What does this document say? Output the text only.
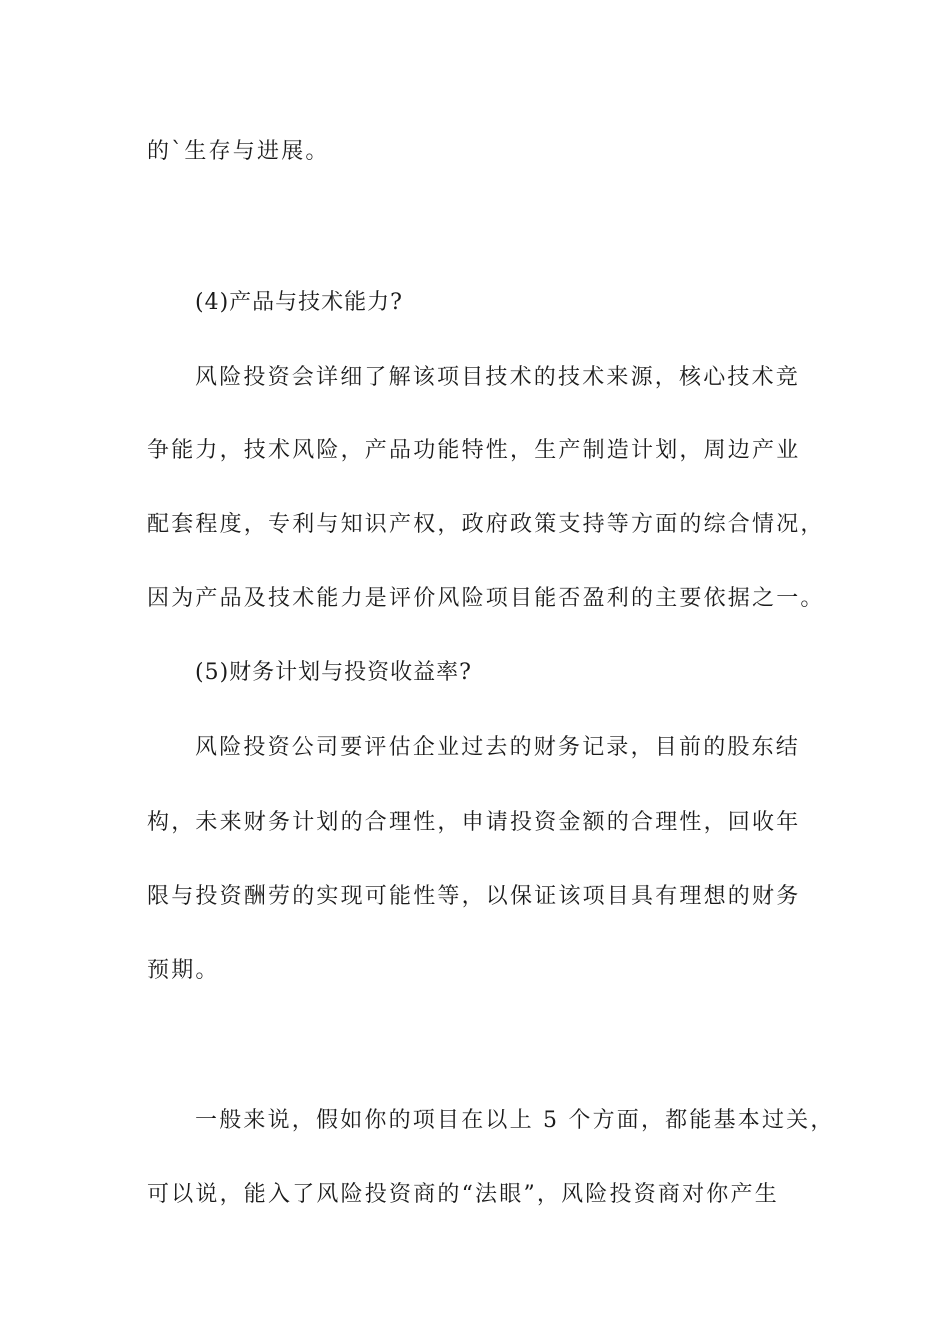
的`生存与进展。
(4)产品与技术能力?
风险投资会详细了解该项目技术的技术来源，核心技术竞
争能力，技术风险，产品功能特性，生产制造计划，周边产业
配套程度，专利与知识产权，政府政策支持等方面的综合情况，
因为产品及技术能力是评价风险项目能否盈利的主要依据之一。
(5)财务计划与投资收益率?
风险投资公司要评估企业过去的财务记录，目前的股东结
构，未来财务计划的合理性，申请投资金额的合理性，回收年
限与投资酬劳的实现可能性等，以保证该项目具有理想的财务
预期。
一般来说，假如你的项目在以上 5 个方面，都能基本过关，
可以说，能入了风险投资商的“法眼”，风险投资商对你产生
